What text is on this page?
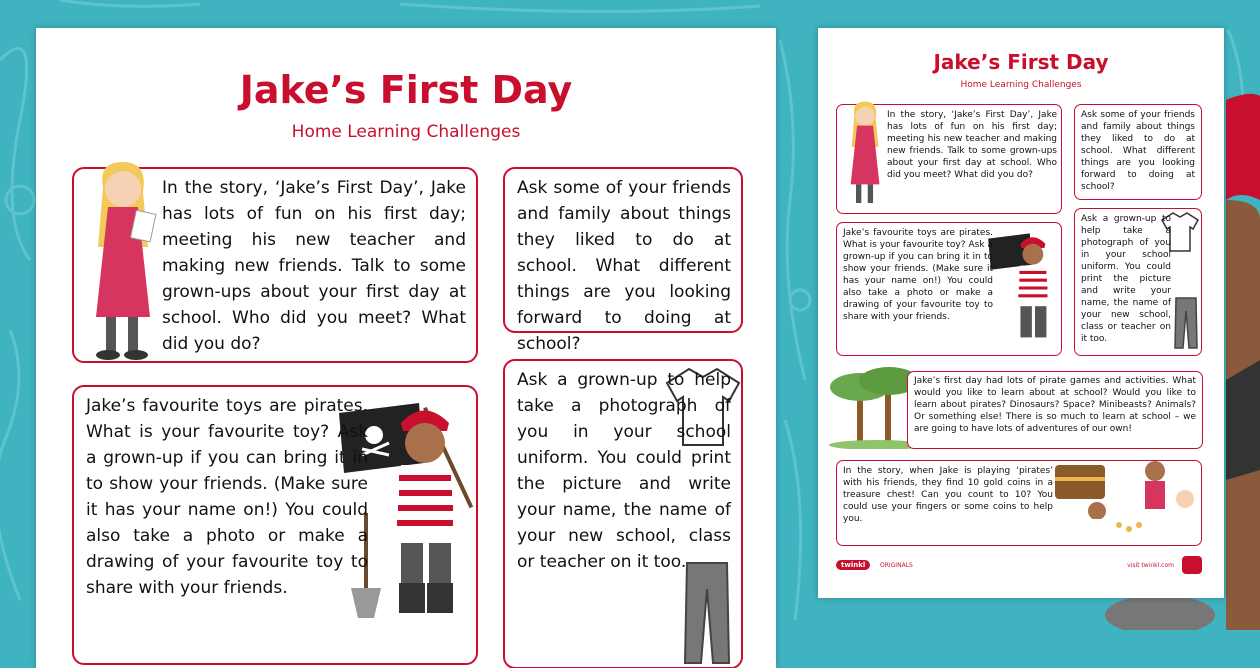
Jake’s First Day

Home Learning Challenges

In the story, ‘Jake’s First Day’, Jake has lots of fun on his first day; meeting his new teacher and making new friends. Talk to some grown-ups about your first day at school. Who did you meet? What did you do?
Ask some of your friends and family about things they liked to do at school. What different things are you looking forward to doing at school?
Jake’s favourite toys are pirates. What is your favourite toy? Ask a grown-up if you can bring it in to show your friends. (Make sure it has your name on!) You could also take a photo or make a drawing of your favourite toy to share with your friends.
Ask a grown-up to help take a photograph of you in your school uniform. You could print the picture and write your name, the name of your new school, class or teacher on it too.
Jake’s First Day

Home Learning Challenges

In the story, ‘Jake’s First Day’, Jake has lots of fun on his first day; meeting his new teacher and making new friends. Talk to some grown-ups about your first day at school. Who did you meet? What did you do?
Ask some of your friends and family about things they liked to do at school. What different things are you looking forward to doing at school?
Jake’s favourite toys are pirates. What is your favourite toy? Ask a grown-up if you can bring it in to show your friends. (Make sure it has your name on!) You could also take a photo or make a drawing of your favourite toy to share with your friends.
Ask a grown-up to help take a photograph of you in your school uniform. You could print the picture and write your name, the name of your new school, class or teacher on it too.
Jake’s first day had lots of pirate games and activities. What would you like to learn about at school? Would you like to learn about pirates? Dinosaurs? Space? Minibeasts? Animals? Or something else! There is so much to learn at school – we are going to have lots of adventures of our own!
In the story, when Jake is playing ‘pirates’ with his friends, they find 10 gold coins in a treasure chest! Can you count to 10? You could use your fingers or some coins to help you.
twinkl	ORIGINALS	visit twinkl.com
